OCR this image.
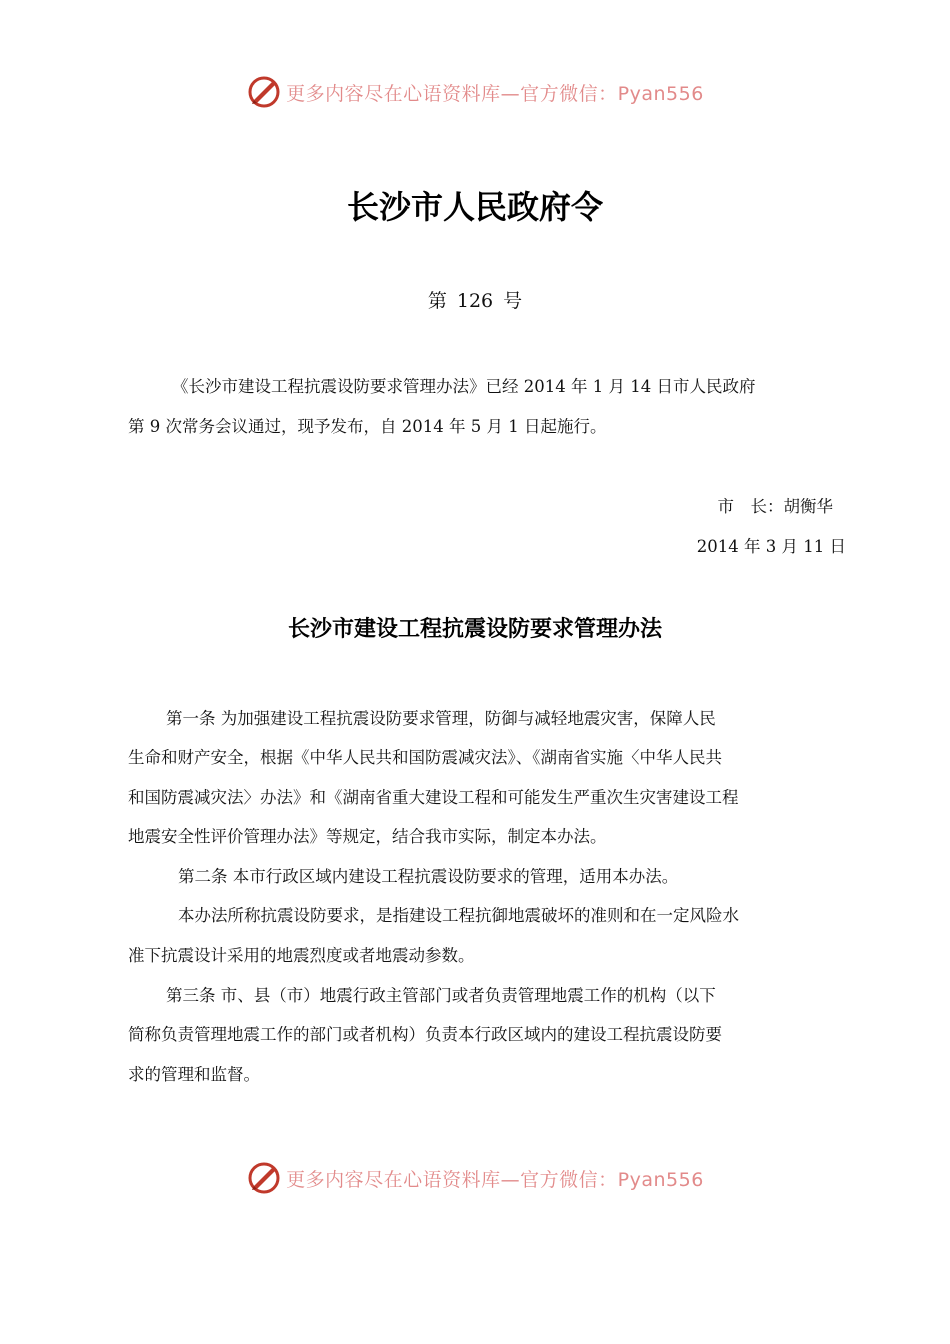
更多内容尽在心语资料库—官方微信：Pyan556
长沙市人民政府令
第 126 号
《长沙市建设工程抗震设防要求管理办法》已经 2014 年 1 月 14 日市人民政府
第 9 次常务会议通过，现予发布，自 2014 年 5 月 1 日起施行。
市　长：胡衡华
2014 年 3 月 11 日
长沙市建设工程抗震设防要求管理办法
第一条 为加强建设工程抗震设防要求管理，防御与减轻地震灾害，保障人民
生命和财产安全，根据《中华人民共和国防震减灾法》、《湖南省实施〈中华人民共
和国防震减灾法〉办法》和《湖南省重大建设工程和可能发生严重次生灾害建设工程
地震安全性评价管理办法》等规定，结合我市实际，制定本办法。
第二条 本市行政区域内建设工程抗震设防要求的管理，适用本办法。
本办法所称抗震设防要求，是指建设工程抗御地震破坏的准则和在一定风险水
准下抗震设计采用的地震烈度或者地震动参数。
第三条 市、县（市）地震行政主管部门或者负责管理地震工作的机构（以下
简称负责管理地震工作的部门或者机构）负责本行政区域内的建设工程抗震设防要
求的管理和监督。
更多内容尽在心语资料库—官方微信：Pyan556
